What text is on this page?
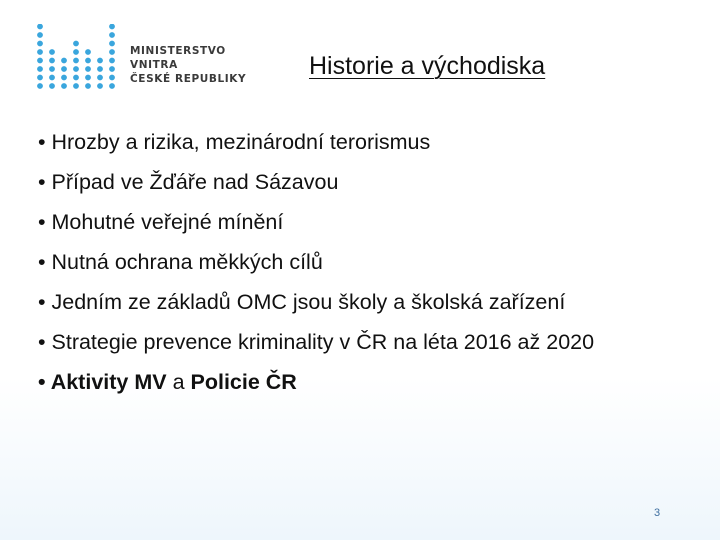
MINISTERSTVO VNITRA
ČESKÉ REPUBLIKY	Historie a východiska
• Hrozby a rizika, mezinárodní terorismus
• Případ ve Žďáře nad Sázavou
• Mohutné veřejné mínění
• Nutná ochrana měkkých cílů
• Jedním ze základů OMC jsou školy a školská zařízení
• Strategie prevence kriminality v ČR na léta 2016 až 2020
• Aktivity MV a Policie ČR
3
